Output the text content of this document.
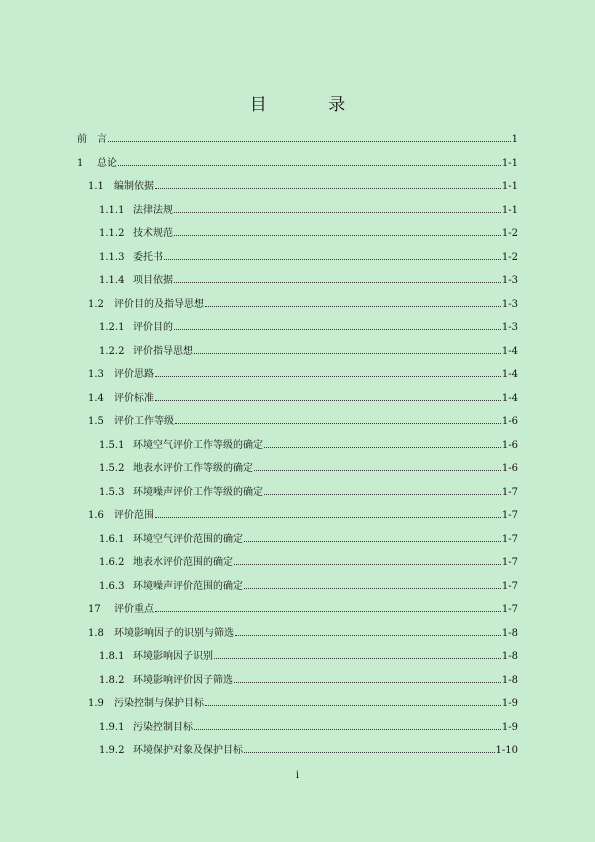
目 录
前	言	1
1	总论	1-1
1.1	编制依据	1-1
1.1.1 法律法规	1-1
1.1.2 技术规范	1-2
1.1.3 委托书	1-2
1.1.4 项目依据	1-3
1.2	评价目的及指导思想	1-3
1.2.1 评价目的	1-3
1.2.2 评价指导思想	1-4
1.3	评价思路	1-4
1.4	评价标准	1-4
1.5	评价工作等级	1-6
1.5.1 环境空气评价工作等级的确定	1-6
1.5.2 地表水评价工作等级的确定	1-6
1.5.3 环境噪声评价工作等级的确定	1-7
1.6	评价范围	1-7
1.6.1 环境空气评价范围的确定	1-7
1.6.2 地表水评价范围的确定	1-7
1.6.3 环境噪声评价范围的确定	1-7
17	评价重点	1-7
1.8	环境影响因子的识别与筛选	1-8
1.8.1 环境影响因子识别	1-8
1.8.2 环境影响评价因子筛选	1-8
1.9	污染控制与保护目标	1-9
1.9.1 污染控制目标	1-9
1.9.2 环境保护对象及保护目标	1-10
i
